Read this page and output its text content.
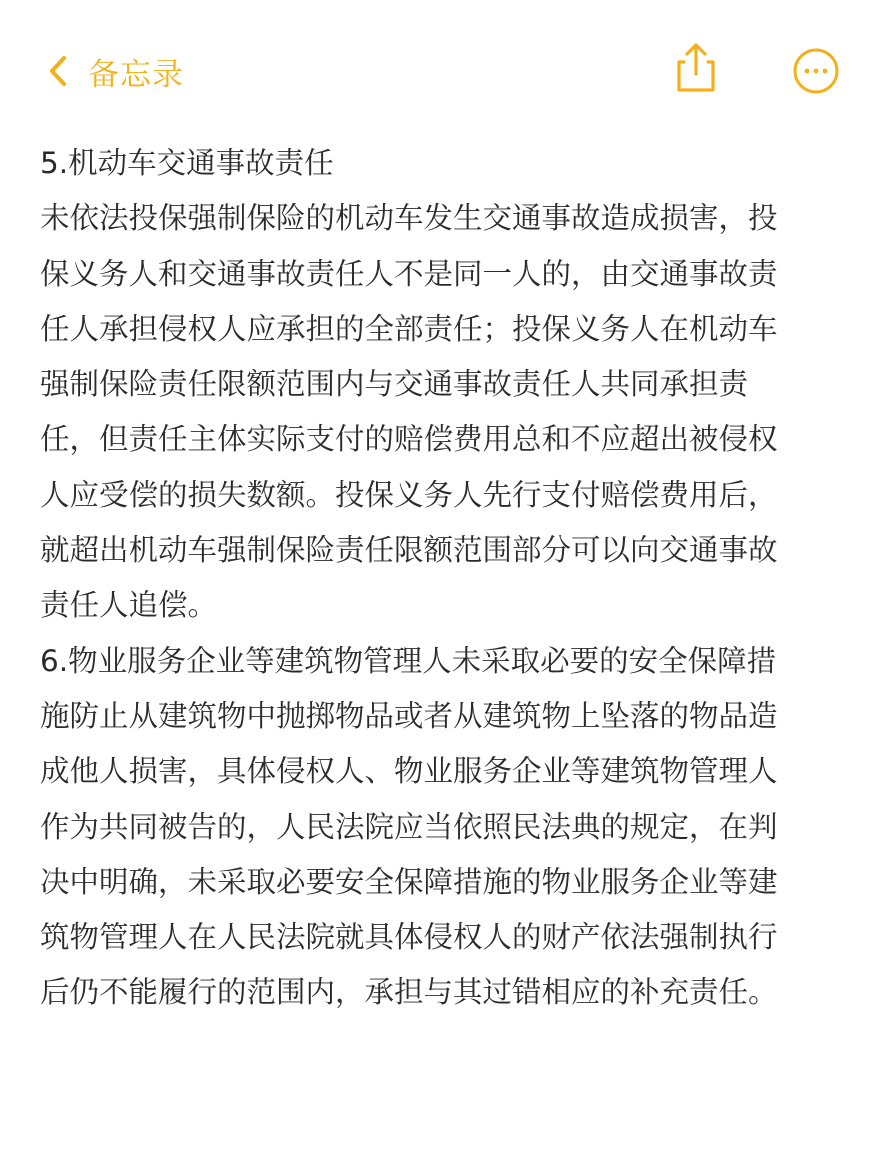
备忘录

5.机动车交通事故责任

未依法投保强制保险的机动车发生交通事故造成损害，投

保义务人和交通事故责任人不是同一人的，由交通事故责

任人承担侵权人应承担的全部责任；投保义务人在机动车

强制保险责任限额范围内与交通事故责任人共同承担责

任，但责任主体实际支付的赔偿费用总和不应超出被侵权

人应受偿的损失数额。投保义务人先行支付赔偿费用后，

就超出机动车强制保险责任限额范围部分可以向交通事故

责任人追偿。

6.物业服务企业等建筑物管理人未采取必要的安全保障措

施防止从建筑物中抛掷物品或者从建筑物上坠落的物品造

成他人损害，具体侵权人、物业服务企业等建筑物管理人

作为共同被告的，人民法院应当依照民法典的规定，在判

决中明确，未采取必要安全保障措施的物业服务企业等建

筑物管理人在人民法院就具体侵权人的财产依法强制执行

后仍不能履行的范围内，承担与其过错相应的补充责任。
